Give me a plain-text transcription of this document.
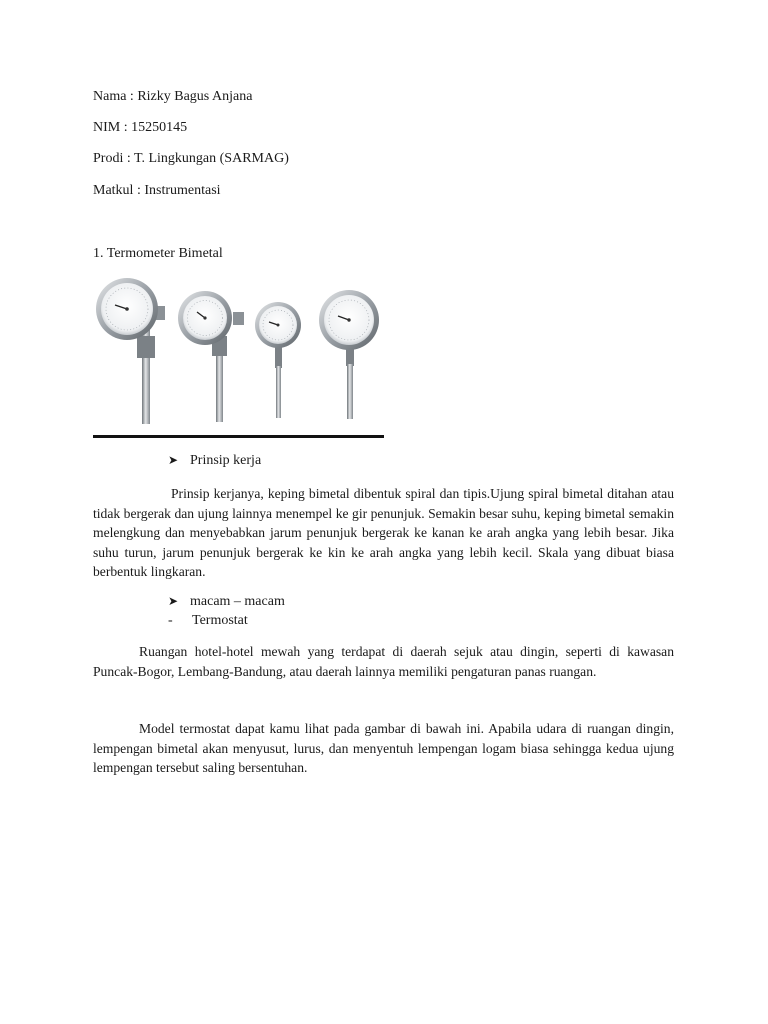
Nama : Rizky Bagus Anjana
NIM : 15250145
Prodi : T. Lingkungan (SARMAG)
Matkul : Instrumentasi
1. Termometer Bimetal
➤ Prinsip kerja
Prinsip kerjanya, keping bimetal dibentuk spiral dan tipis.Ujung spiral bimetal ditahan atau tidak bergerak dan ujung lainnya menempel ke gir penunjuk. Semakin besar suhu, keping bimetal semakin melengkung dan menyebabkan jarum penunjuk bergerak ke kanan ke arah angka yang lebih besar. Jika suhu turun, jarum penunjuk bergerak ke kin ke arah angka yang lebih kecil. Skala yang dibuat biasa berbentuk lingkaran.
➤ macam – macam
- Termostat
Ruangan hotel-hotel mewah yang terdapat di daerah sejuk atau dingin, seperti di kawasan Puncak-Bogor, Lembang-Bandung, atau daerah lainnya memiliki pengaturan panas ruangan.
Model termostat dapat kamu lihat pada gambar di bawah ini. Apabila udara di ruangan dingin, lempengan bimetal akan menyusut, lurus, dan menyentuh lempengan logam biasa sehingga kedua ujung lempengan tersebut saling bersentuhan.
